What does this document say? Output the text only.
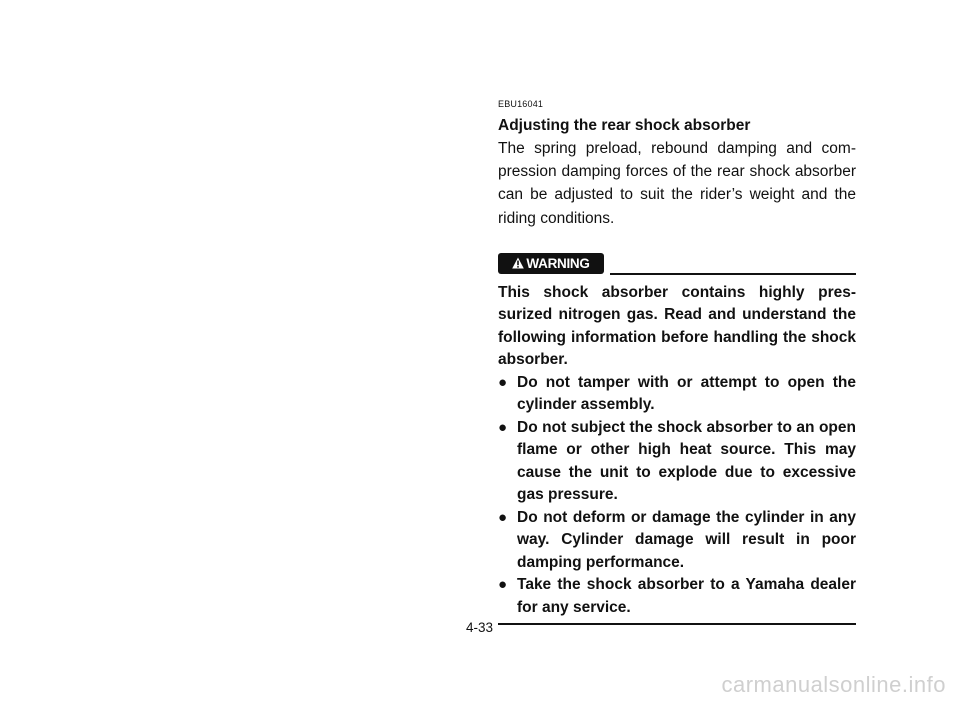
EBU16041
Adjusting the rear shock absorber

The spring preload, rebound damping and com-pression damping forces of the rear shock absorber can be adjusted to suit the rider’s weight and the riding conditions.

WARNING

This shock absorber contains highly pres-surized nitrogen gas. Read and understand the following information before handling the shock absorber.

● Do not tamper with or attempt to open the cylinder assembly.
● Do not subject the shock absorber to an open flame or other high heat source. This may cause the unit to explode due to excessive gas pressure.
● Do not deform or damage the cylinder in any way. Cylinder damage will result in poor damping performance.
● Take the shock absorber to a Yamaha dealer for any service.
4-33
carmanualsonline.info
